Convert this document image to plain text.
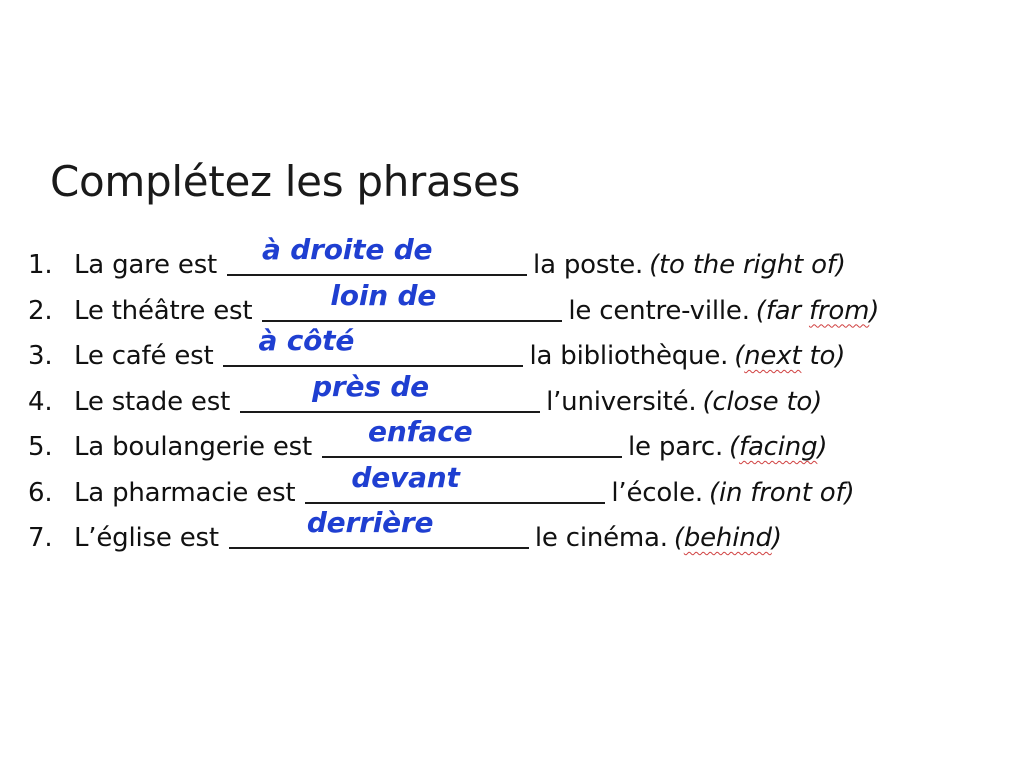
Complétez les phrases
1. La gare est à droite de	la poste. (to the right of)
2. Le théâtre est	loin de	le centre-ville. (far from)
3. Le café est à côté	la bibliothèque. (next to)
4. Le stade est	près de	l’université. (close to)
5. La boulangerie est enface	le parc. (facing)
6. La pharmacie est devant	l’école. (in front of)
7. L’église est	derrière	le cinéma. (behind)
